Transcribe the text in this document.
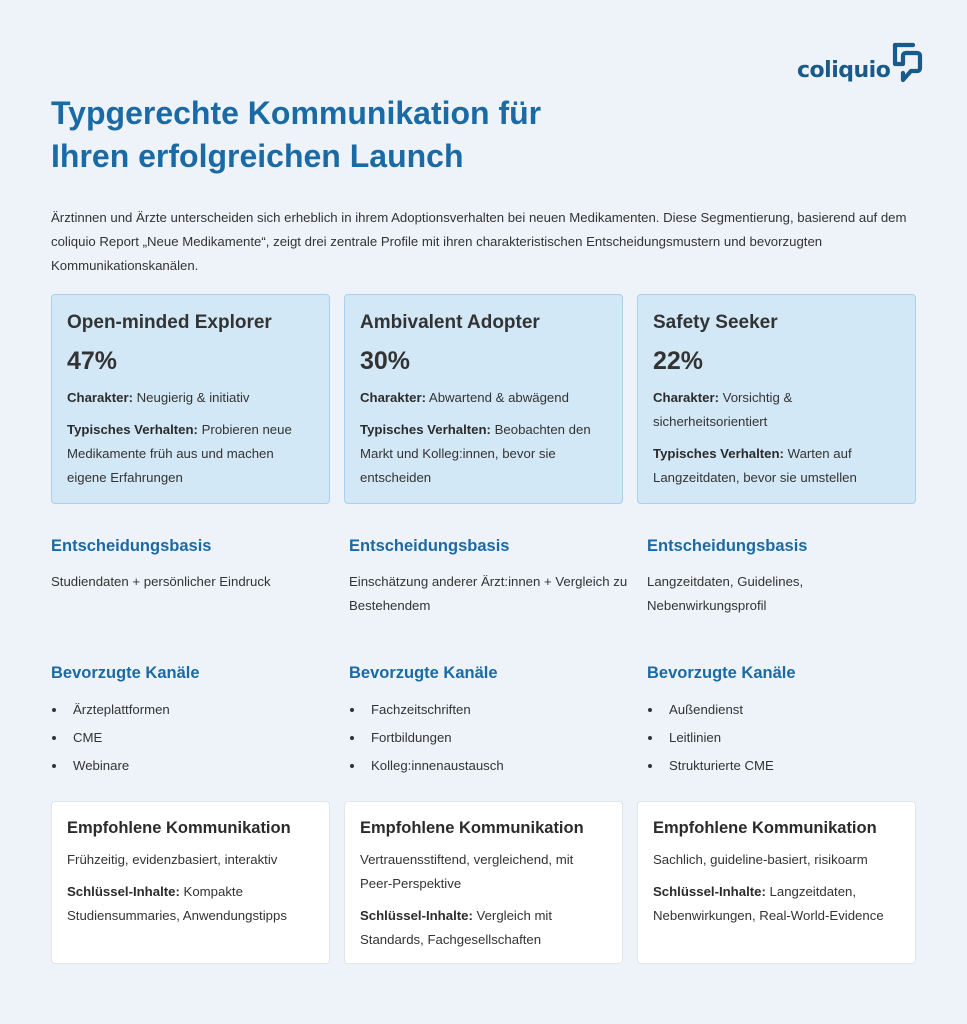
coliquio
Typgerechte Kommunikation für
Ihren erfolgreichen Launch

Ärztinnen und Ärzte unterscheiden sich erheblich in ihrem Adoptionsverhalten bei neuen Medikamenten. Diese Segmentierung, basierend auf dem coliquio Report „Neue Medikamente“, zeigt drei zentrale Profile mit ihren charakteristischen Entscheidungsmustern und bevorzugten Kommunikationskanälen.

Open-minded Explorer
47%
Charakter: Neugierig & initiativ
Typisches Verhalten: Probieren neue Medikamente früh aus und machen eigene Erfahrungen
Ambivalent Adopter
30%
Charakter: Abwartend & abwägend
Typisches Verhalten: Beobachten den Markt und Kolleg:innen, bevor sie entscheiden
Safety Seeker
22%
Charakter: Vorsichtig & sicherheitsorientiert
Typisches Verhalten: Warten auf Langzeitdaten, bevor sie umstellen
Entscheidungsbasis
Studiendaten + persönlicher Eindruck
Entscheidungsbasis
Einschätzung anderer Ärzt:innen + Vergleich zu Bestehendem
Entscheidungsbasis
Langzeitdaten, Guidelines, Nebenwirkungsprofil
Bevorzugte Kanäle
Ärzteplattformen
CME
Webinare
Bevorzugte Kanäle
Fachzeitschriften
Fortbildungen
Kolleg:innenaustausch
Bevorzugte Kanäle
Außendienst
Leitlinien
Strukturierte CME
Empfohlene Kommunikation
Frühzeitig, evidenzbasiert, interaktiv
Schlüssel-Inhalte: Kompakte Studiensummaries, Anwendungstipps
Empfohlene Kommunikation
Vertrauensstiftend, vergleichend, mit Peer-Perspektive
Schlüssel-Inhalte: Vergleich mit Standards, Fachgesellschaften
Empfohlene Kommunikation
Sachlich, guideline-basiert, risikoarm
Schlüssel-Inhalte: Langzeitdaten, Nebenwirkungen, Real-World-Evidence
